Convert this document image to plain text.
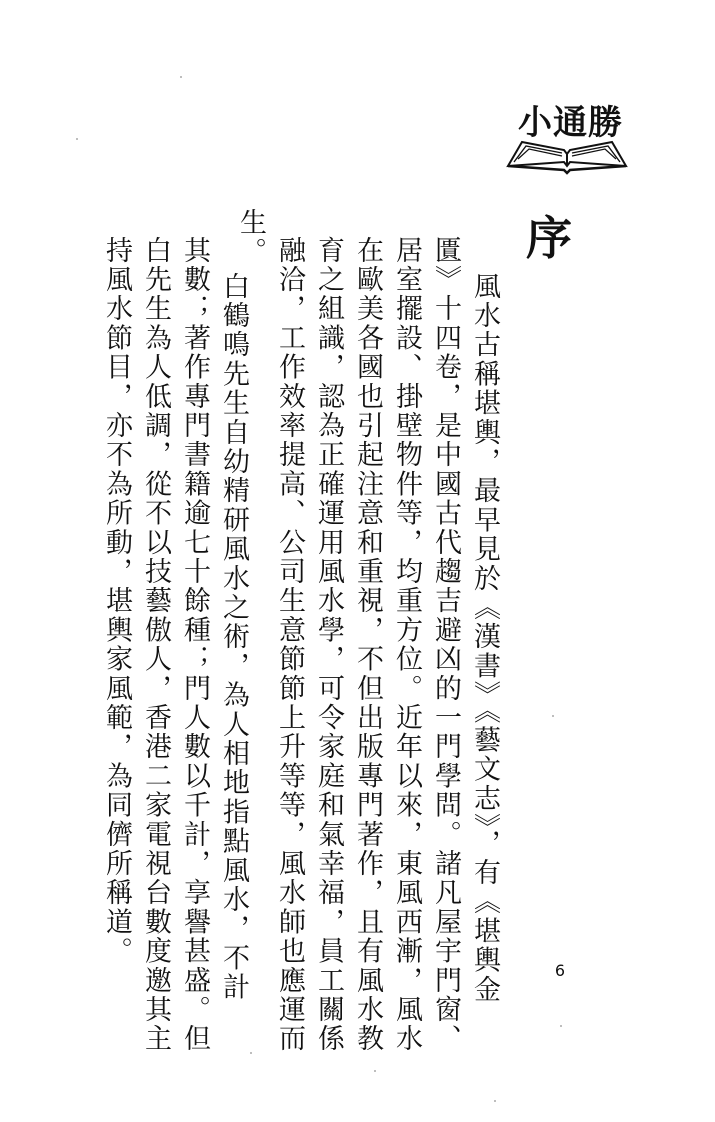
小通勝
序
風水古稱堪輿，最早見於《漢書》《藝文志》，有《堪輿金
匱》十四卷，是中國古代趨吉避凶的一門學問。諸凡屋宇門窗、
居室擺設、掛壁物件等，均重方位。近年以來，東風西漸，風水
在歐美各國也引起注意和重視，不但出版專門著作，且有風水教
育之組識，認為正確運用風水學，可令家庭和氣幸福，員工關係
融洽，工作效率提高、公司生意節節上升等等，風水師也應運而
生。
白鶴鳴先生自幼精研風水之術，為人相地指點風水，不計
其數；著作專門書籍逾七十餘種；門人數以千計，享譽甚盛。但
白先生為人低調，從不以技藝傲人，香港二家電視台數度邀其主
持風水節目，亦不為所動，堪輿家風範，為同儕所稱道。
6
